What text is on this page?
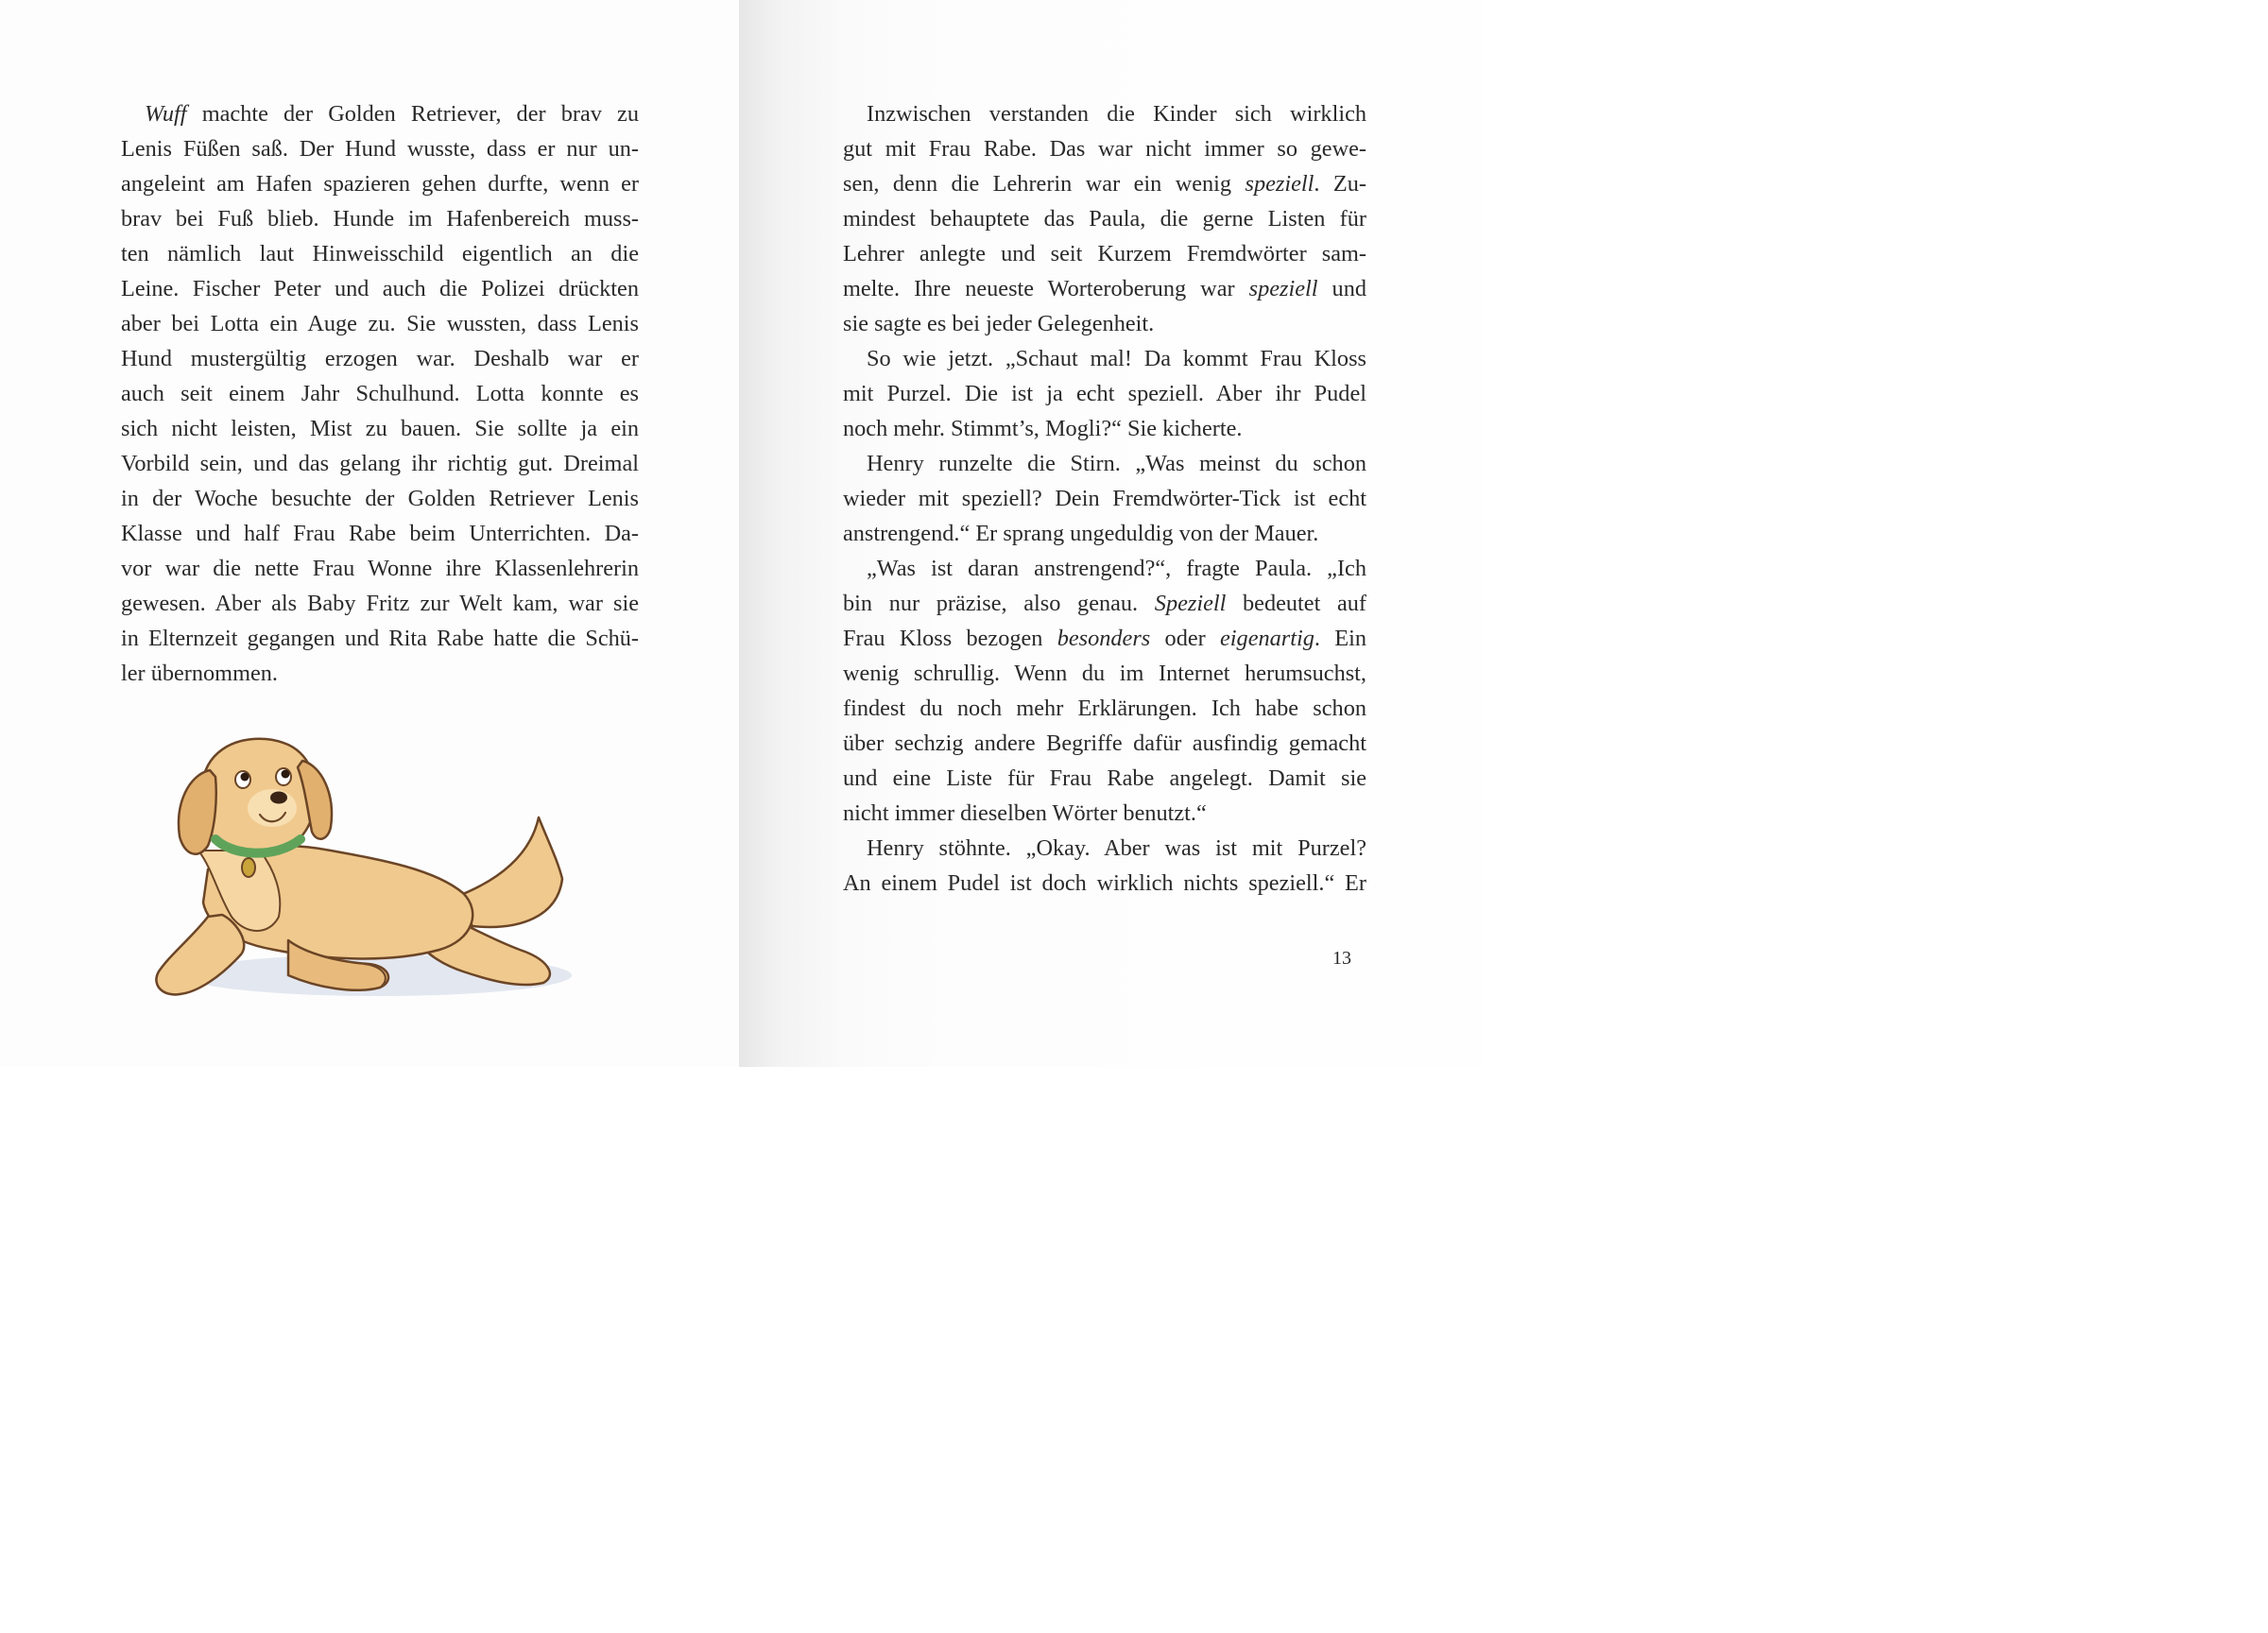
Wuff machte der Golden Retriever, der brav zu
Lenis Füßen saß. Der Hund wusste, dass er nur un-
angeleint am Hafen spazieren gehen durfte, wenn er
brav bei Fuß blieb. Hunde im Hafenbereich muss-
ten nämlich laut Hinweisschild eigentlich an die
Leine. Fischer Peter und auch die Polizei drückten
aber bei Lotta ein Auge zu. Sie wussten, dass Lenis
Hund mustergültig erzogen war. Deshalb war er
auch seit einem Jahr Schulhund. Lotta konnte es
sich nicht leisten, Mist zu bauen. Sie sollte ja ein
Vorbild sein, und das gelang ihr richtig gut. Dreimal
in der Woche besuchte der Golden Retriever Lenis
Klasse und half Frau Rabe beim Unterrichten. Da-
vor war die nette Frau Wonne ihre Klassenlehrerin
gewesen. Aber als Baby Fritz zur Welt kam, war sie
in Elternzeit gegangen und Rita Rabe hatte die Schü-
ler übernommen.
Inzwischen verstanden die Kinder sich wirklich
gut mit Frau Rabe. Das war nicht immer so gewe-
sen, denn die Lehrerin war ein wenig speziell. Zu-
mindest behauptete das Paula, die gerne Listen für
Lehrer anlegte und seit Kurzem Fremdwörter sam-
melte. Ihre neueste Worteroberung war speziell und
sie sagte es bei jeder Gelegenheit.
So wie jetzt. „Schaut mal! Da kommt Frau Kloss
mit Purzel. Die ist ja echt speziell. Aber ihr Pudel
noch mehr. Stimmt’s, Mogli?“ Sie kicherte.
Henry runzelte die Stirn. „Was meinst du schon
wieder mit speziell? Dein Fremdwörter-Tick ist echt
anstrengend.“ Er sprang ungeduldig von der Mauer.
„Was ist daran anstrengend?“, fragte Paula. „Ich
bin nur präzise, also genau. Speziell bedeutet auf
Frau Kloss bezogen besonders oder eigenartig. Ein
wenig schrullig. Wenn du im Internet herumsuchst,
findest du noch mehr Erklärungen. Ich habe schon
über sechzig andere Begriffe dafür ausfindig gemacht
und eine Liste für Frau Rabe angelegt. Damit sie
nicht immer dieselben Wörter benutzt.“
Henry stöhnte. „Okay. Aber was ist mit Purzel?
An einem Pudel ist doch wirklich nichts speziell.“ Er
13
